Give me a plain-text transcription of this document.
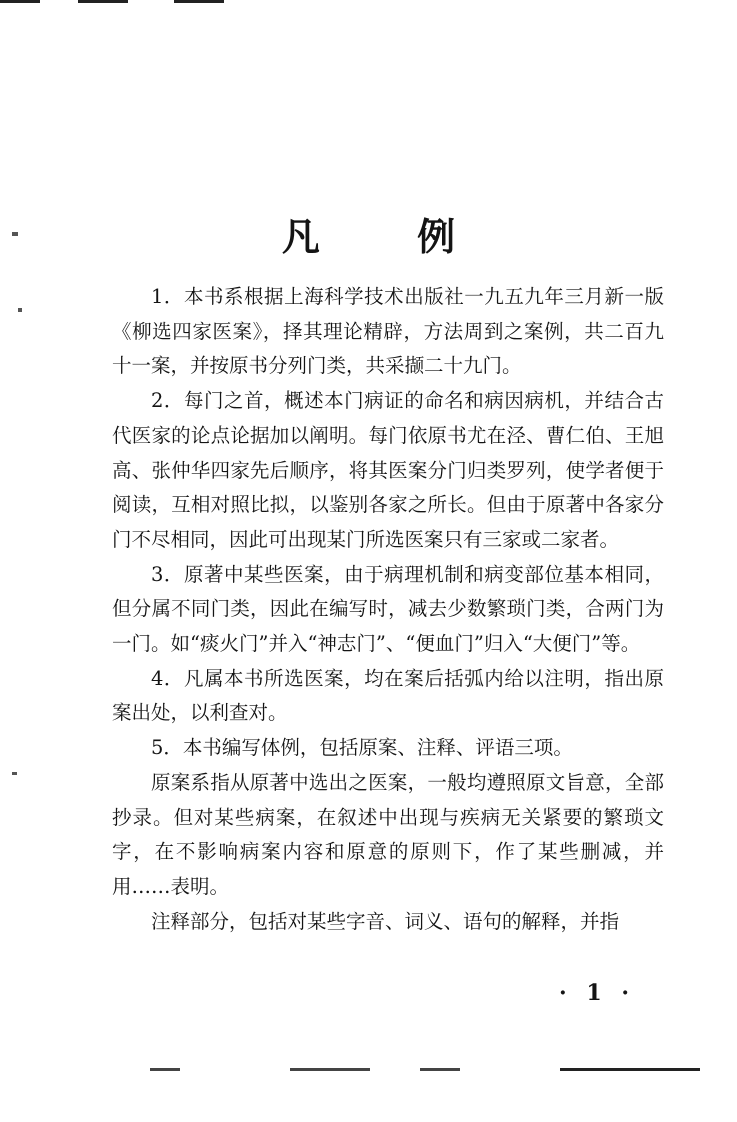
凡 例

1．本书系根据上海科学技术出版社一九五九年三月新一版《柳选四家医案》，择其理论精辟，方法周到之案例，共二百九十一案，并按原书分列门类，共采撷二十九门。

2．每门之首，概述本门病证的命名和病因病机，并结合古代医家的论点论据加以阐明。每门依原书尤在泾、曹仁伯、王旭高、张仲华四家先后顺序，将其医案分门归类罗列，使学者便于阅读，互相对照比拟，以鉴别各家之所长。但由于原著中各家分门不尽相同，因此可出现某门所选医案只有三家或二家者。

3．原著中某些医案，由于病理机制和病变部位基本相同，但分属不同门类，因此在编写时，减去少数繁琐门类，合两门为一门。如“痰火门”并入“神志门”、“便血门”归入“大便门”等。

4．凡属本书所选医案，均在案后括弧内给以注明，指出原案出处，以利查对。

5．本书编写体例，包括原案、注释、评语三项。

原案系指从原著中选出之医案，一般均遵照原文旨意，全部抄录。但对某些病案，在叙述中出现与疾病无关紧要的繁琐文字，在不影响病案内容和原意的原则下，作了某些删减，并用……表明。

注释部分，包括对某些字音、词义、语句的解释，并指

· 1 ·
